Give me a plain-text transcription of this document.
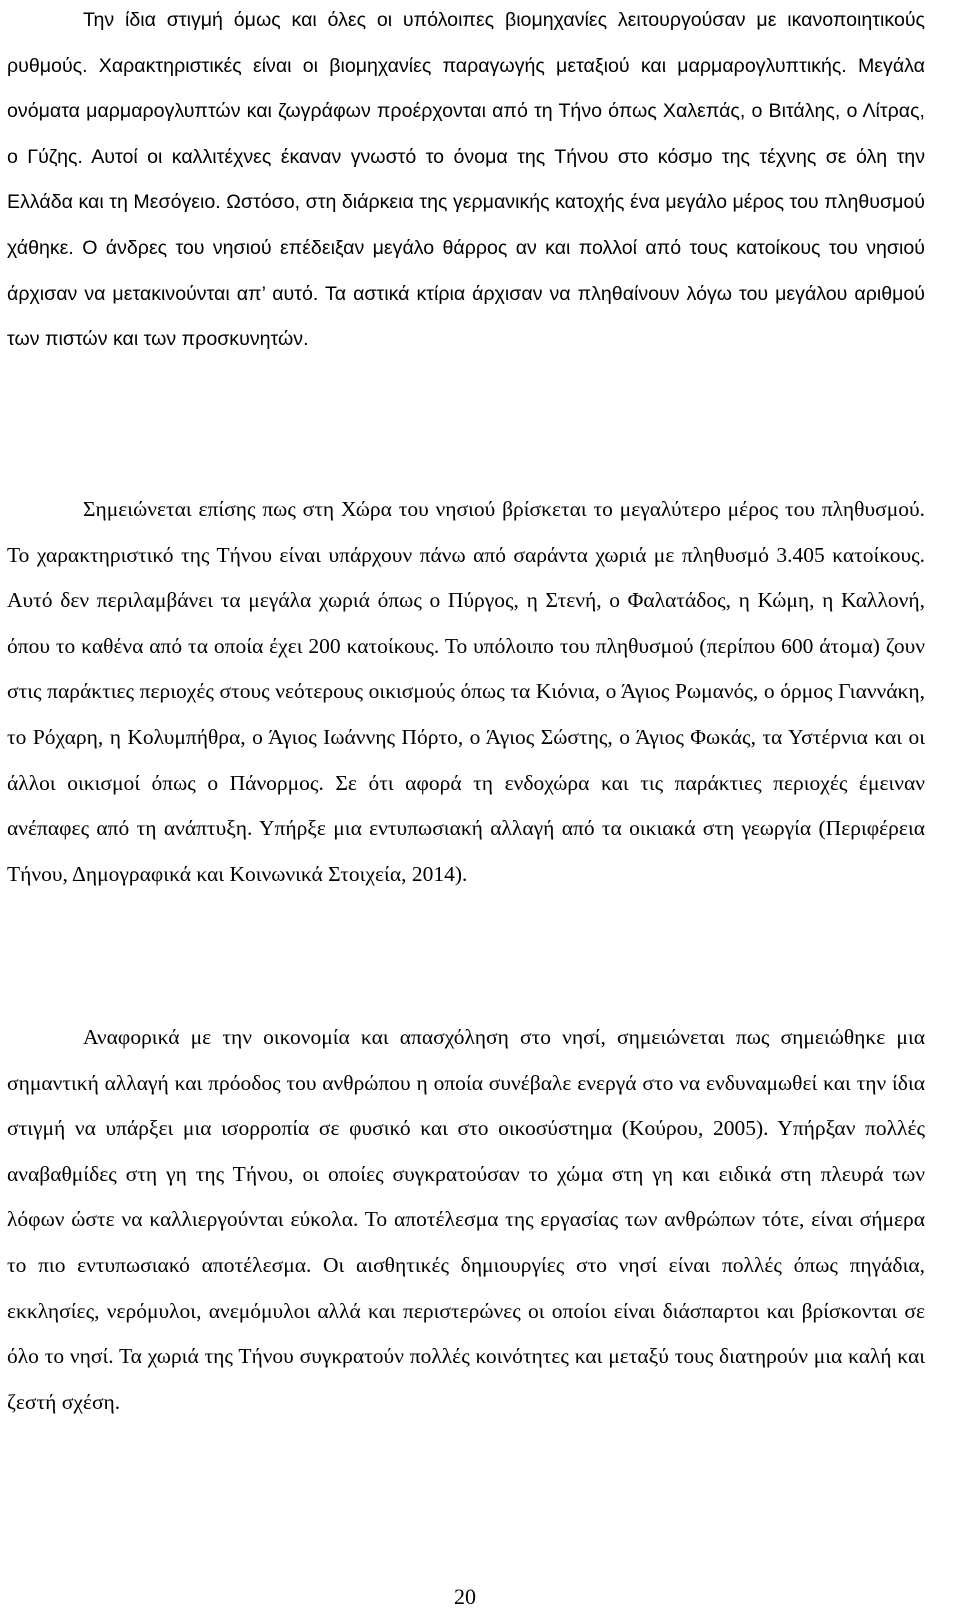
Την ίδια στιγμή όμως και όλες οι υπόλοιπες βιομηχανίες λειτουργούσαν με ικανοποιητικούς ρυθμούς. Χαρακτηριστικές είναι οι βιομηχανίες παραγωγής μεταξιού και μαρμαρογλυπτικής. Μεγάλα ονόματα μαρμαρογλυπτών και ζωγράφων προέρχονται από τη Τήνο όπως Χαλεπάς, ο Βιτάλης, ο Λίτρας, ο Γύζης. Αυτοί οι καλλιτέχνες έκαναν γνωστό το όνομα της Τήνου στο κόσμο της τέχνης σε όλη την Ελλάδα και τη Μεσόγειο. Ωστόσο, στη διάρκεια της γερμανικής κατοχής ένα μεγάλο μέρος του πληθυσμού χάθηκε. Ο άνδρες του νησιού επέδειξαν μεγάλο θάρρος αν και πολλοί από τους κατοίκους του νησιού άρχισαν να μετακινούνται απ’ αυτό. Τα αστικά κτίρια άρχισαν να πληθαίνουν λόγω του μεγάλου αριθμού των πιστών και των προσκυνητών.

Σημειώνεται επίσης πως στη Χώρα του νησιού βρίσκεται το μεγαλύτερο μέρος του πληθυσμού. Το χαρακτηριστικό της Τήνου είναι υπάρχουν πάνω από σαράντα χωριά με πληθυσμό 3.405 κατοίκους. Αυτό δεν περιλαμβάνει τα μεγάλα χωριά όπως ο Πύργος, η Στενή, ο Φαλατάδος, η Κώμη, η Καλλονή, όπου το καθένα από τα οποία έχει 200 κατοίκους. Το υπόλοιπο του πληθυσμού (περίπου 600 άτομα) ζουν στις παράκτιες περιοχές στους νεότερους οικισμούς όπως τα Κιόνια, ο Άγιος Ρωμανός, ο όρμος Γιαννάκη, το Ρόχαρη, η Κολυμπήθρα, ο Άγιος Ιωάννης Πόρτο, ο Άγιος Σώστης, ο Άγιος Φωκάς, τα Υστέρνια και οι άλλοι οικισμοί όπως ο Πάνορμος. Σε ότι αφορά τη ενδοχώρα και τις παράκτιες περιοχές έμειναν ανέπαφες από τη ανάπτυξη. Υπήρξε μια εντυπωσιακή αλλαγή από τα οικιακά στη γεωργία (Περιφέρεια Τήνου, Δημογραφικά και Κοινωνικά Στοιχεία, 2014).

Αναφορικά με την οικονομία και απασχόληση στο νησί, σημειώνεται πως σημειώθηκε μια σημαντική αλλαγή και πρόοδος του ανθρώπου η οποία συνέβαλε ενεργά στο να ενδυναμωθεί και την ίδια στιγμή να υπάρξει μια ισορροπία σε φυσικό και στο οικοσύστημα (Κούρου, 2005). Υπήρξαν πολλές αναβαθμίδες στη γη της Τήνου, οι οποίες συγκρατούσαν το χώμα στη γη και ειδικά στη πλευρά των λόφων ώστε να καλλιεργούνται εύκολα. Το αποτέλεσμα της εργασίας των ανθρώπων τότε, είναι σήμερα το πιο εντυπωσιακό αποτέλεσμα. Οι αισθητικές δημιουργίες στο νησί είναι πολλές όπως πηγάδια, εκκλησίες, νερόμυλοι, ανεμόμυλοι αλλά και περιστερώνες οι οποίοι είναι διάσπαρτοι και βρίσκονται σε όλο το νησί. Τα χωριά της Τήνου συγκρατούν πολλές κοινότητες και μεταξύ τους διατηρούν μια καλή και ζεστή σχέση.

20
